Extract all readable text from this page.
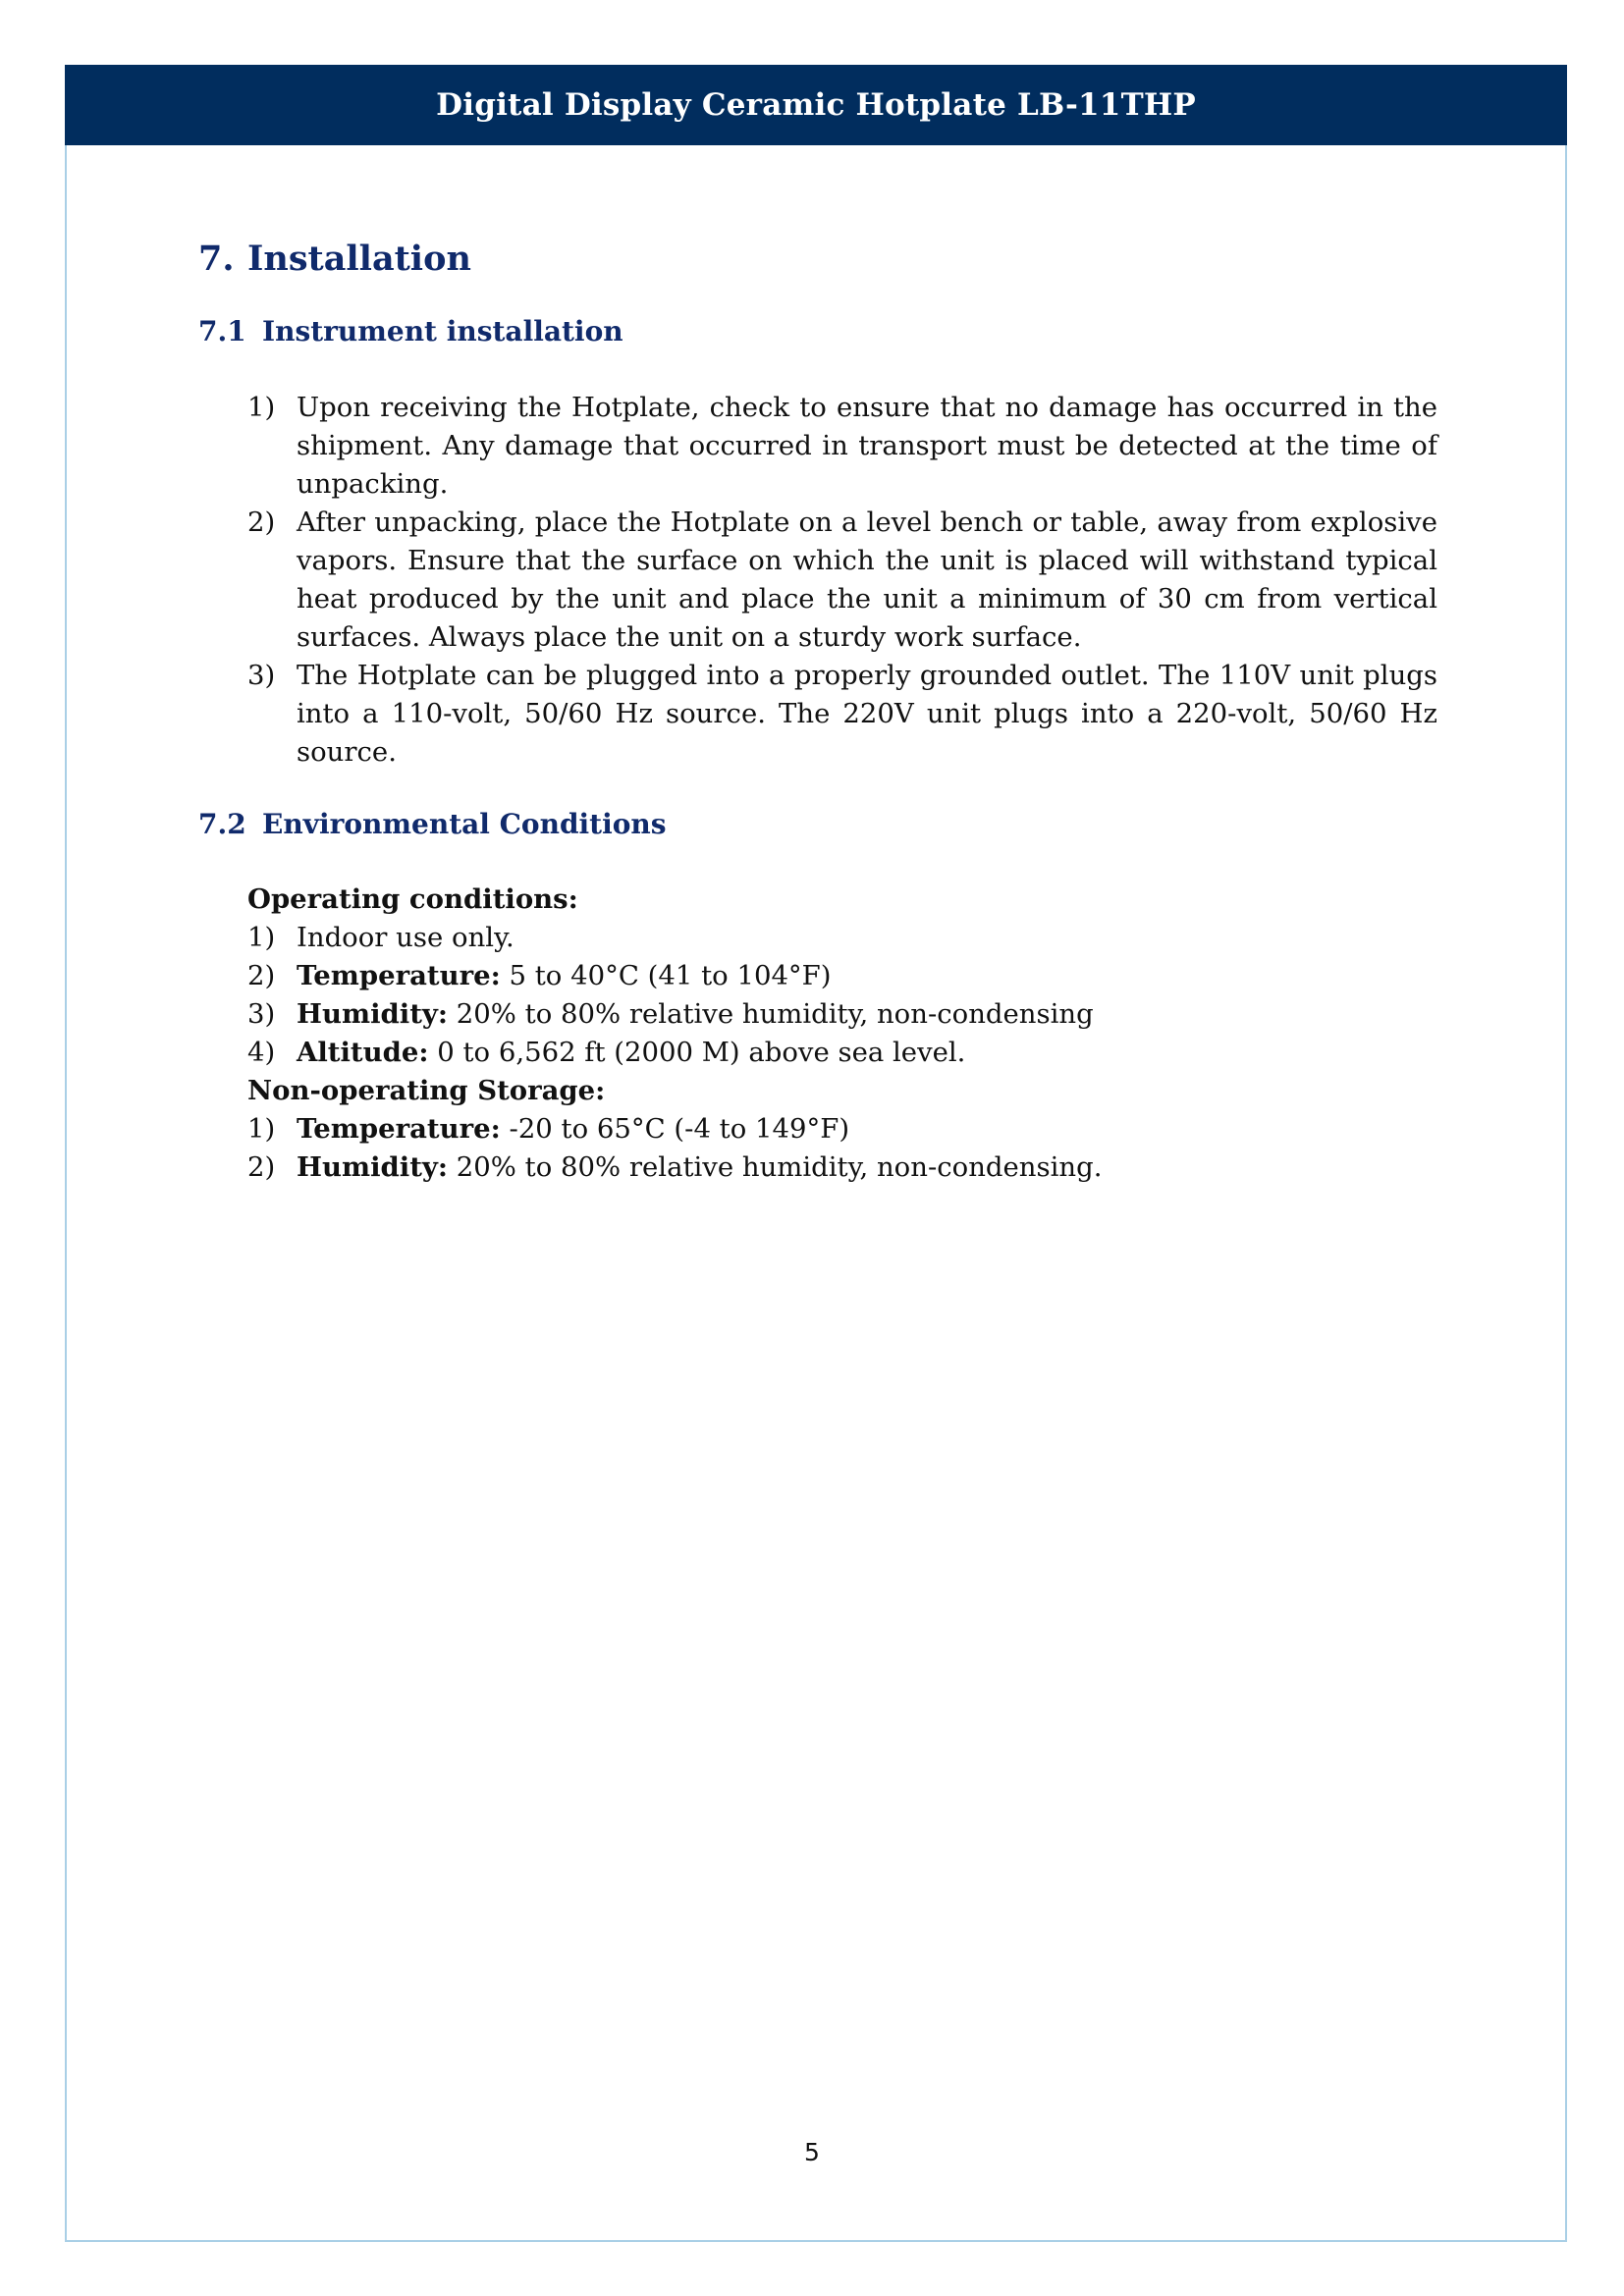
Digital Display Ceramic Hotplate LB-11THP
7. Installation
7.1 Instrument installation
1) Upon receiving the Hotplate, check to ensure that no damage has occurred in the shipment. Any damage that occurred in transport must be detected at the time of unpacking.
2) After unpacking, place the Hotplate on a level bench or table, away from explosive vapors. Ensure that the surface on which the unit is placed will withstand typical heat produced by the unit and place the unit a minimum of 30 cm from vertical surfaces. Always place the unit on a sturdy work surface.
3) The Hotplate can be plugged into a properly grounded outlet. The 110V unit plugs into a 110-volt, 50/60 Hz source. The 220V unit plugs into a 220-volt, 50/60 Hz source.
7.2 Environmental Conditions
Operating conditions:
1) Indoor use only.
2) Temperature: 5 to 40°C (41 to 104°F)
3) Humidity: 20% to 80% relative humidity, non-condensing
4) Altitude: 0 to 6,562 ft (2000 M) above sea level.
Non-operating Storage:
1) Temperature: -20 to 65°C (-4 to 149°F)
2) Humidity: 20% to 80% relative humidity, non-condensing.
5
